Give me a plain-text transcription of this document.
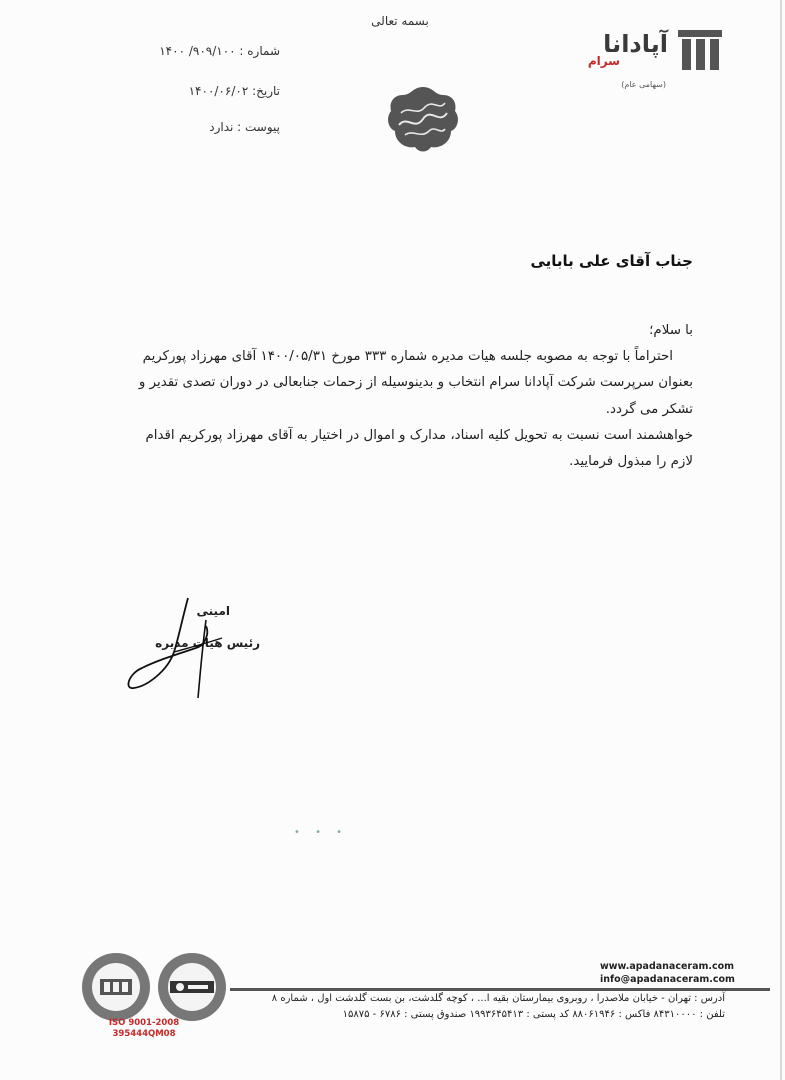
بسمه تعالی
آپادانا
سرام
(سهامی عام)
شماره : ۹۰۹/۱۰۰/ ۱۴۰۰
تاریخ: ۱۴۰۰/۰۶/۰۲
پیوست : ندارد
جناب آقای علی بابایی

با سلام؛

احتراماً با توجه به مصوبه جلسه هیات مدیره شماره ۳۳۳ مورخ ۱۴۰۰/۰۵/۳۱ آقای مهرزاد پورکریم بعنوان سرپرست شرکت آپادانا سرام انتخاب و بدینوسیله از زحمات جنابعالی در دوران تصدی تقدیر و تشکر می گردد.

خواهشمند است نسبت به تحویل کلیه اسناد، مدارک و اموال در اختیار به آقای مهرزاد پورکریم اقدام لازم را مبذول فرمایید.

امینی
رئیس هیات مدیره
• • •
www.apadanaceram.com
info@apadanaceram.com
ISO 9001-2008
395444QM08
آدرس : تهران - خیابان ملاصدرا ، روبروی بیمارستان بقیه ا... ، کوچه گلدشت، بن بست گلدشت اول ، شماره ۸
تلفن : ۸۴۳۱۰۰۰۰ فاکس : ۸۸۰۶۱۹۴۶ کد پستی : ۱۹۹۳۶۴۵۴۱۳ صندوق پستی : ۶۷۸۶ - ۱۵۸۷۵
